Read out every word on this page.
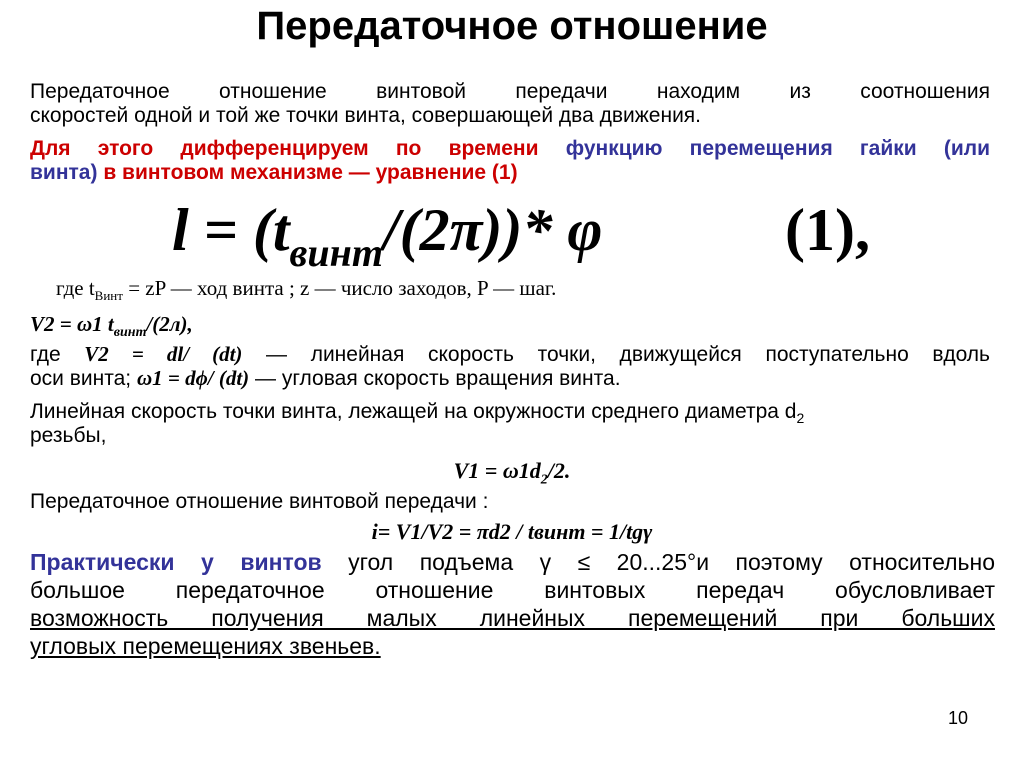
Передаточное отношение
Передаточное отношение винтовой передачи находим из соотношения
скоростей одной и той же точки винта, совершающей два движения.
Для этого дифференцируем по времени функцию перемещения гайки (или
винта) в винтовом механизме — уравнение (1)
$l = (t_{винт}/(2\pi))*$ φ	(1),
где $t_{Винт}$ = zP — ход винта ; z — число заходов, P — шаг.
V2 = ω1 $t_{винт}/(2л)$,
где V2 = dl/ (dt) — линейная скорость точки, движущейся поступательно вдоль
оси винта; ω1 = dϕ/ (dt) — угловая скорость вращения винта.
Линейная скорость точки винта, лежащей на окружности среднего диаметра $d_2$
резьбы,
$V1 = \omega 1d_2/2$.
Передаточное отношение винтовой передачи :
i= V1/V2 = πd2 / tвинт = 1/tgγ
Практически у винтов угол подъема γ ≤ 20...25°и поэтому относительно
большое передаточное отношение винтовых передач обусловливает
возможность получения малых линейных перемещений при больших
угловых перемещениях звеньев.
10
